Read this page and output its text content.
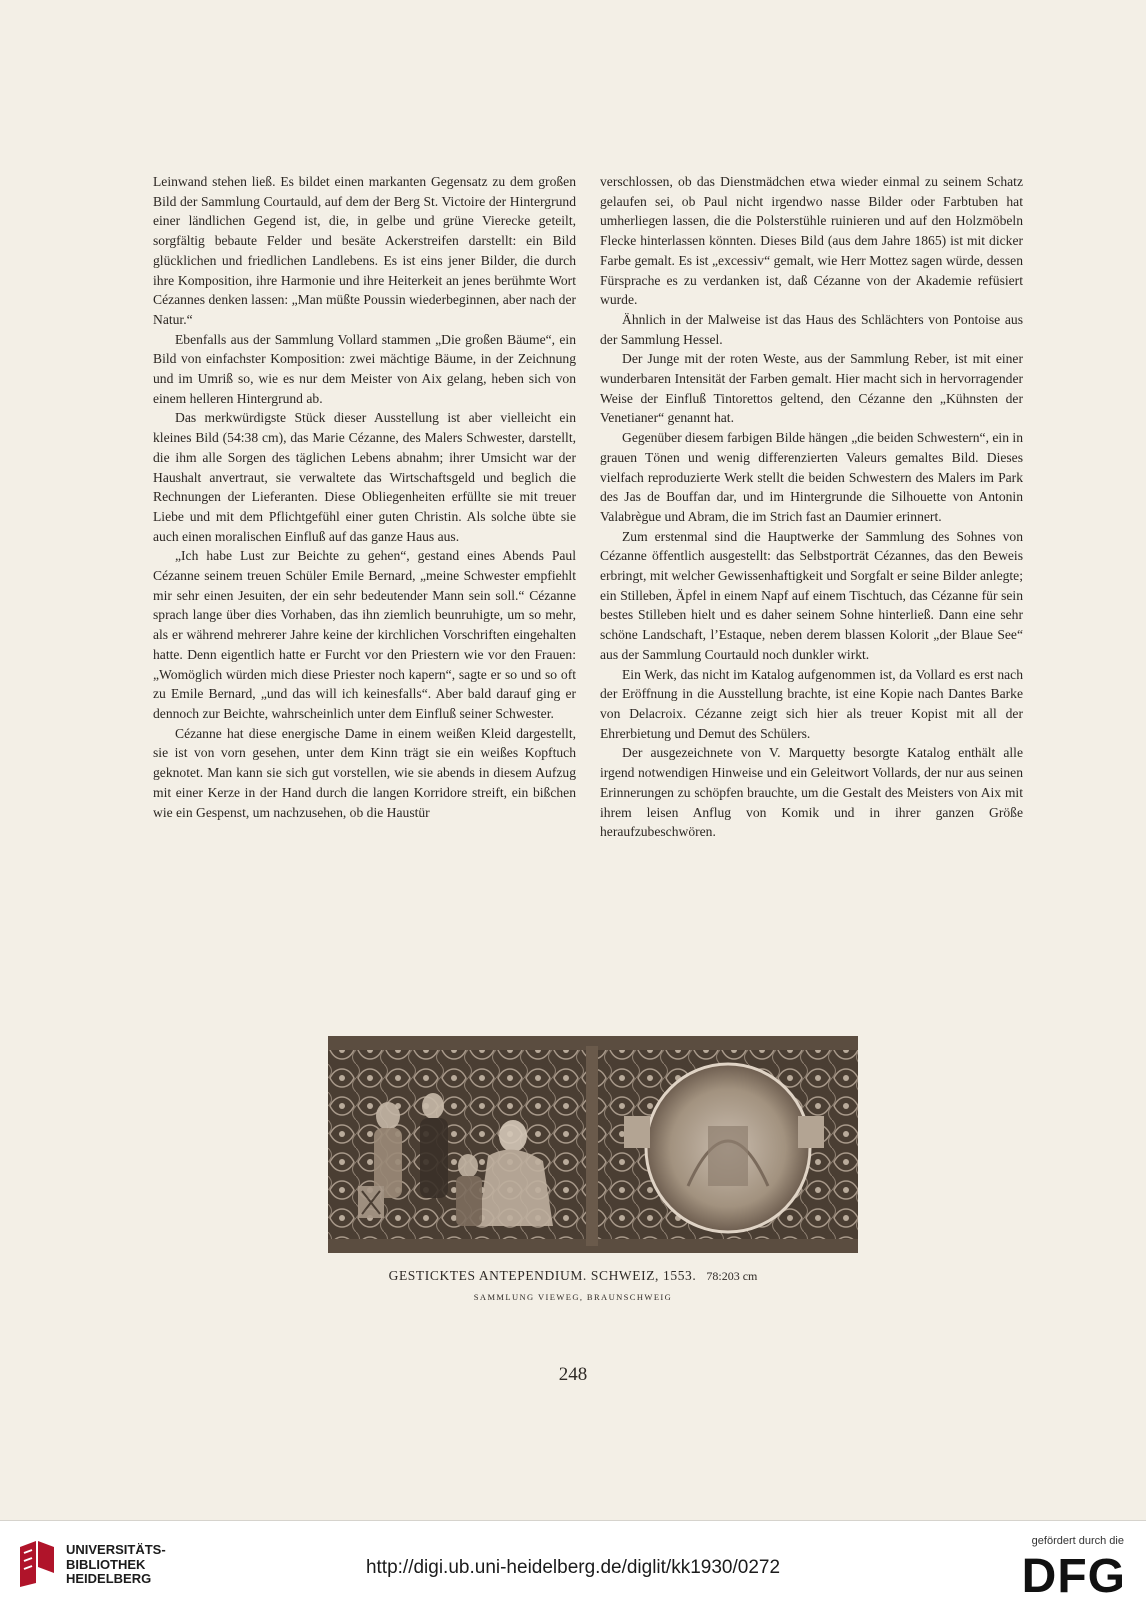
Leinwand stehen ließ. Es bildet einen markanten Gegensatz zu dem großen Bild der Sammlung Courtauld, auf dem der Berg St. Victoire der Hintergrund einer ländlichen Gegend ist, die, in gelbe und grüne Vierecke geteilt, sorgfältig bebaute Felder und besäte Ackerstreifen darstellt: ein Bild glücklichen und friedlichen Landlebens. Es ist eins jener Bilder, die durch ihre Komposition, ihre Harmonie und ihre Heiterkeit an jenes berühmte Wort Cézannes denken lassen: „Man müßte Poussin wiederbeginnen, aber nach der Natur.“

Ebenfalls aus der Sammlung Vollard stammen „Die großen Bäume“, ein Bild von einfachster Komposition: zwei mächtige Bäume, in der Zeichnung und im Umriß so, wie es nur dem Meister von Aix gelang, heben sich von einem helleren Hintergrund ab.

Das merkwürdigste Stück dieser Ausstellung ist aber vielleicht ein kleines Bild (54:38 cm), das Marie Cézanne, des Malers Schwester, darstellt, die ihm alle Sorgen des täglichen Lebens abnahm; ihrer Umsicht war der Haushalt anvertraut, sie verwaltete das Wirtschaftsgeld und beglich die Rechnungen der Lieferanten. Diese Obliegenheiten erfüllte sie mit treuer Liebe und mit dem Pflichtgefühl einer guten Christin. Als solche übte sie auch einen moralischen Einfluß auf das ganze Haus aus.

„Ich habe Lust zur Beichte zu gehen“, gestand eines Abends Paul Cézanne seinem treuen Schüler Emile Bernard, „meine Schwester empfiehlt mir sehr einen Jesuiten, der ein sehr bedeutender Mann sein soll.“ Cézanne sprach lange über dies Vorhaben, das ihn ziemlich beunruhigte, um so mehr, als er während mehrerer Jahre keine der kirchlichen Vorschriften eingehalten hatte. Denn eigentlich hatte er Furcht vor den Priestern wie vor den Frauen: „Womöglich würden mich diese Priester noch kapern“, sagte er so und so oft zu Emile Bernard, „und das will ich keinesfalls“. Aber bald darauf ging er dennoch zur Beichte, wahrscheinlich unter dem Einfluß seiner Schwester.

Cézanne hat diese energische Dame in einem weißen Kleid dargestellt, sie ist von vorn gesehen, unter dem Kinn trägt sie ein weißes Kopftuch geknotet. Man kann sie sich gut vorstellen, wie sie abends in diesem Aufzug mit einer Kerze in der Hand durch die langen Korridore streift, ein bißchen wie ein Gespenst, um nachzusehen, ob die Haustür

verschlossen, ob das Dienstmädchen etwa wieder einmal zu seinem Schatz gelaufen sei, ob Paul nicht irgendwo nasse Bilder oder Farbtuben hat umherliegen lassen, die die Polsterstühle ruinieren und auf den Holzmöbeln Flecke hinterlassen könnten. Dieses Bild (aus dem Jahre 1865) ist mit dicker Farbe gemalt. Es ist „excessiv“ gemalt, wie Herr Mottez sagen würde, dessen Fürsprache es zu verdanken ist, daß Cézanne von der Akademie refüsiert wurde.

Ähnlich in der Malweise ist das Haus des Schlächters von Pontoise aus der Sammlung Hessel.

Der Junge mit der roten Weste, aus der Sammlung Reber, ist mit einer wunderbaren Intensität der Farben gemalt. Hier macht sich in hervorragender Weise der Einfluß Tintorettos geltend, den Cézanne den „Kühnsten der Venetianer“ genannt hat.

Gegenüber diesem farbigen Bilde hängen „die beiden Schwestern“, ein in grauen Tönen und wenig differenzierten Valeurs gemaltes Bild. Dieses vielfach reproduzierte Werk stellt die beiden Schwestern des Malers im Park des Jas de Bouffan dar, und im Hintergrunde die Silhouette von Antonin Valabrègue und Abram, die im Strich fast an Daumier erinnert.

Zum erstenmal sind die Hauptwerke der Sammlung des Sohnes von Cézanne öffentlich ausgestellt: das Selbstporträt Cézannes, das den Beweis erbringt, mit welcher Gewissenhaftigkeit und Sorgfalt er seine Bilder anlegte; ein Stilleben, Äpfel in einem Napf auf einem Tischtuch, das Cézanne für sein bestes Stilleben hielt und es daher seinem Sohne hinterließ. Dann eine sehr schöne Landschaft, l’Estaque, neben derem blassen Kolorit „der Blaue See“ aus der Sammlung Courtauld noch dunkler wirkt.

Ein Werk, das nicht im Katalog aufgenommen ist, da Vollard es erst nach der Eröffnung in die Ausstellung brachte, ist eine Kopie nach Dantes Barke von Delacroix. Cézanne zeigt sich hier als treuer Kopist mit all der Ehrerbietung und Demut des Schülers.

Der ausgezeichnete von V. Marquetty besorgte Katalog enthält alle irgend notwendigen Hinweise und ein Geleitwort Vollards, der nur aus seinen Erinnerungen zu schöpfen brauchte, um die Gestalt des Meisters von Aix mit ihrem leisen Anflug von Komik und in ihrer ganzen Größe heraufzubeschwören.

GESTICKTES ANTEPENDIUM. SCHWEIZ, 1553. 78:203 cm
SAMMLUNG VIEWEG, BRAUNSCHWEIG
248
UNIVERSITÄTS-
BIBLIOTHEK
HEIDELBERG
http://digi.ub.uni-heidelberg.de/diglit/kk1930/0272
gefördert durch die
DFG
